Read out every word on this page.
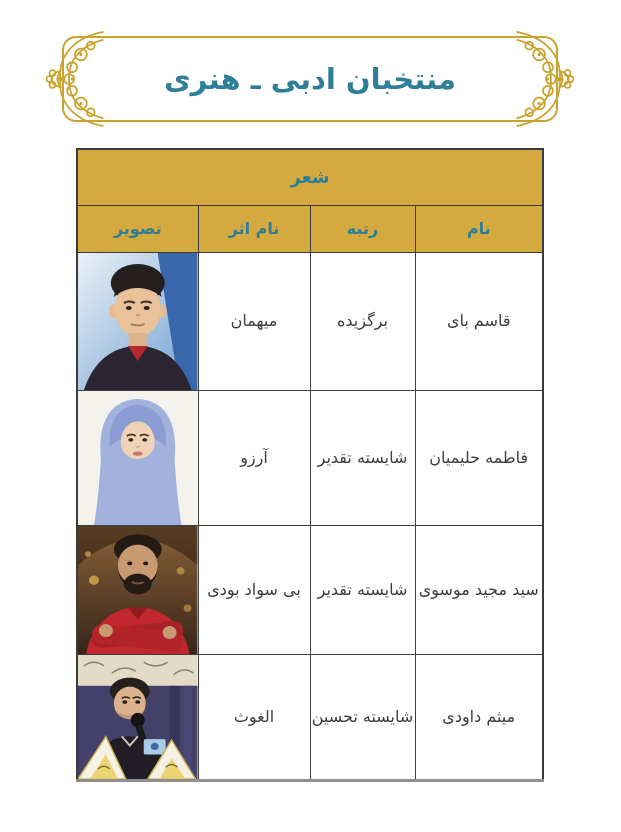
منتخبان ادبی ـ هنری
شعر			
نام	رتبه	نام اثر	تصویر
قاسم بای	برگزیده	میهمان	

فاطمه حلیمیان	شایسته تقدیر	آرزو	

سید مجید موسوی	شایسته تقدیر	بی سواد بودی	

میثم داودی	شایسته تحسین	الغوث	
